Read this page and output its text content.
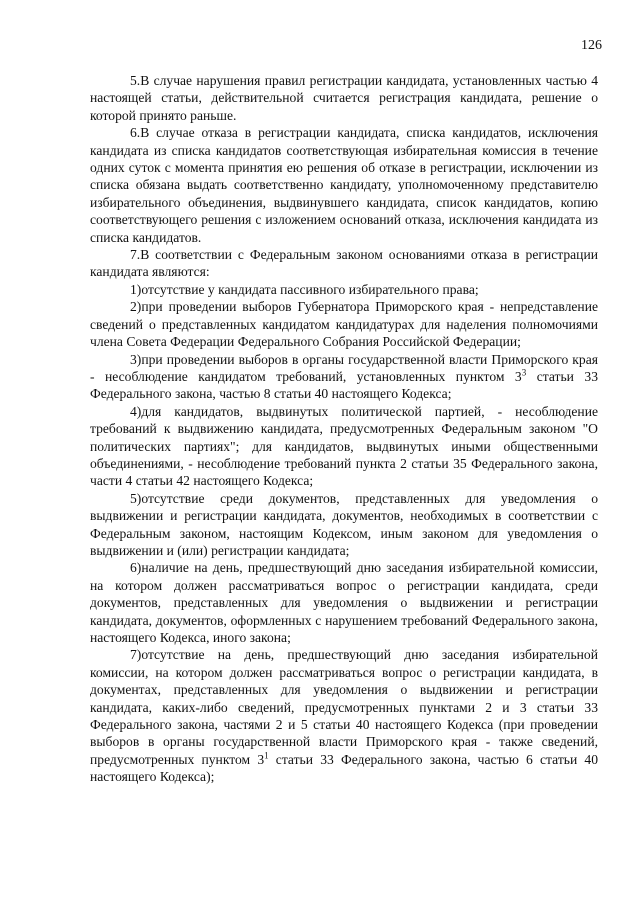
126

5.В случае нарушения правил регистрации кандидата, установленных частью 4 настоящей статьи, действительной считается регистрация кандидата, решение о которой принято раньше.

6.В случае отказа в регистрации кандидата, списка кандидатов, исключения кандидата из списка кандидатов соответствующая избирательная комиссия в течение одних суток с момента принятия ею решения об отказе в регистрации, исключении из списка обязана выдать соответственно кандидату, уполномоченному представителю избирательного объединения, выдвинувшего кандидата, список кандидатов, копию соответствующего решения с изложением оснований отказа, исключения кандидата из списка кандидатов.

7.В соответствии с Федеральным законом основаниями отказа в регистрации кандидата являются:

1)отсутствие у кандидата пассивного избирательного права;

2)при проведении выборов Губернатора Приморского края - непредставление сведений о представленных кандидатом кандидатурах для наделения полномочиями члена Совета Федерации Федерального Собрания Российской Федерации;

3)при проведении выборов в органы государственной власти Приморского края - несоблюдение кандидатом требований, установленных пунктом $3^3$ статьи 33 Федерального закона, частью 8 статьи 40 настоящего Кодекса;

4)для кандидатов, выдвинутых политической партией, - несоблюдение требований к выдвижению кандидата, предусмотренных Федеральным законом "О политических партиях"; для кандидатов, выдвинутых иными общественными объединениями, - несоблюдение требований пункта 2 статьи 35 Федерального закона, части 4 статьи 42 настоящего Кодекса;

5)отсутствие среди документов, представленных для уведомления о выдвижении и регистрации кандидата, документов, необходимых в соответствии с Федеральным законом, настоящим Кодексом, иным законом для уведомления о выдвижении и (или) регистрации кандидата;

6)наличие на день, предшествующий дню заседания избирательной комиссии, на котором должен рассматриваться вопрос о регистрации кандидата, среди документов, представленных для уведомления о выдвижении и регистрации кандидата, документов, оформленных с нарушением требований Федерального закона, настоящего Кодекса, иного закона;

7)отсутствие на день, предшествующий дню заседания избирательной комиссии, на котором должен рассматриваться вопрос о регистрации кандидата, в документах, представленных для уведомления о выдвижении и регистрации кандидата, каких-либо сведений, предусмотренных пунктами 2 и 3 статьи 33 Федерального закона, частями 2 и 5 статьи 40 настоящего Кодекса (при проведении выборов в органы государственной власти Приморского края - также сведений, предусмотренных пунктом $3^1$ статьи 33 Федерального закона, частью 6 статьи 40 настоящего Кодекса);
